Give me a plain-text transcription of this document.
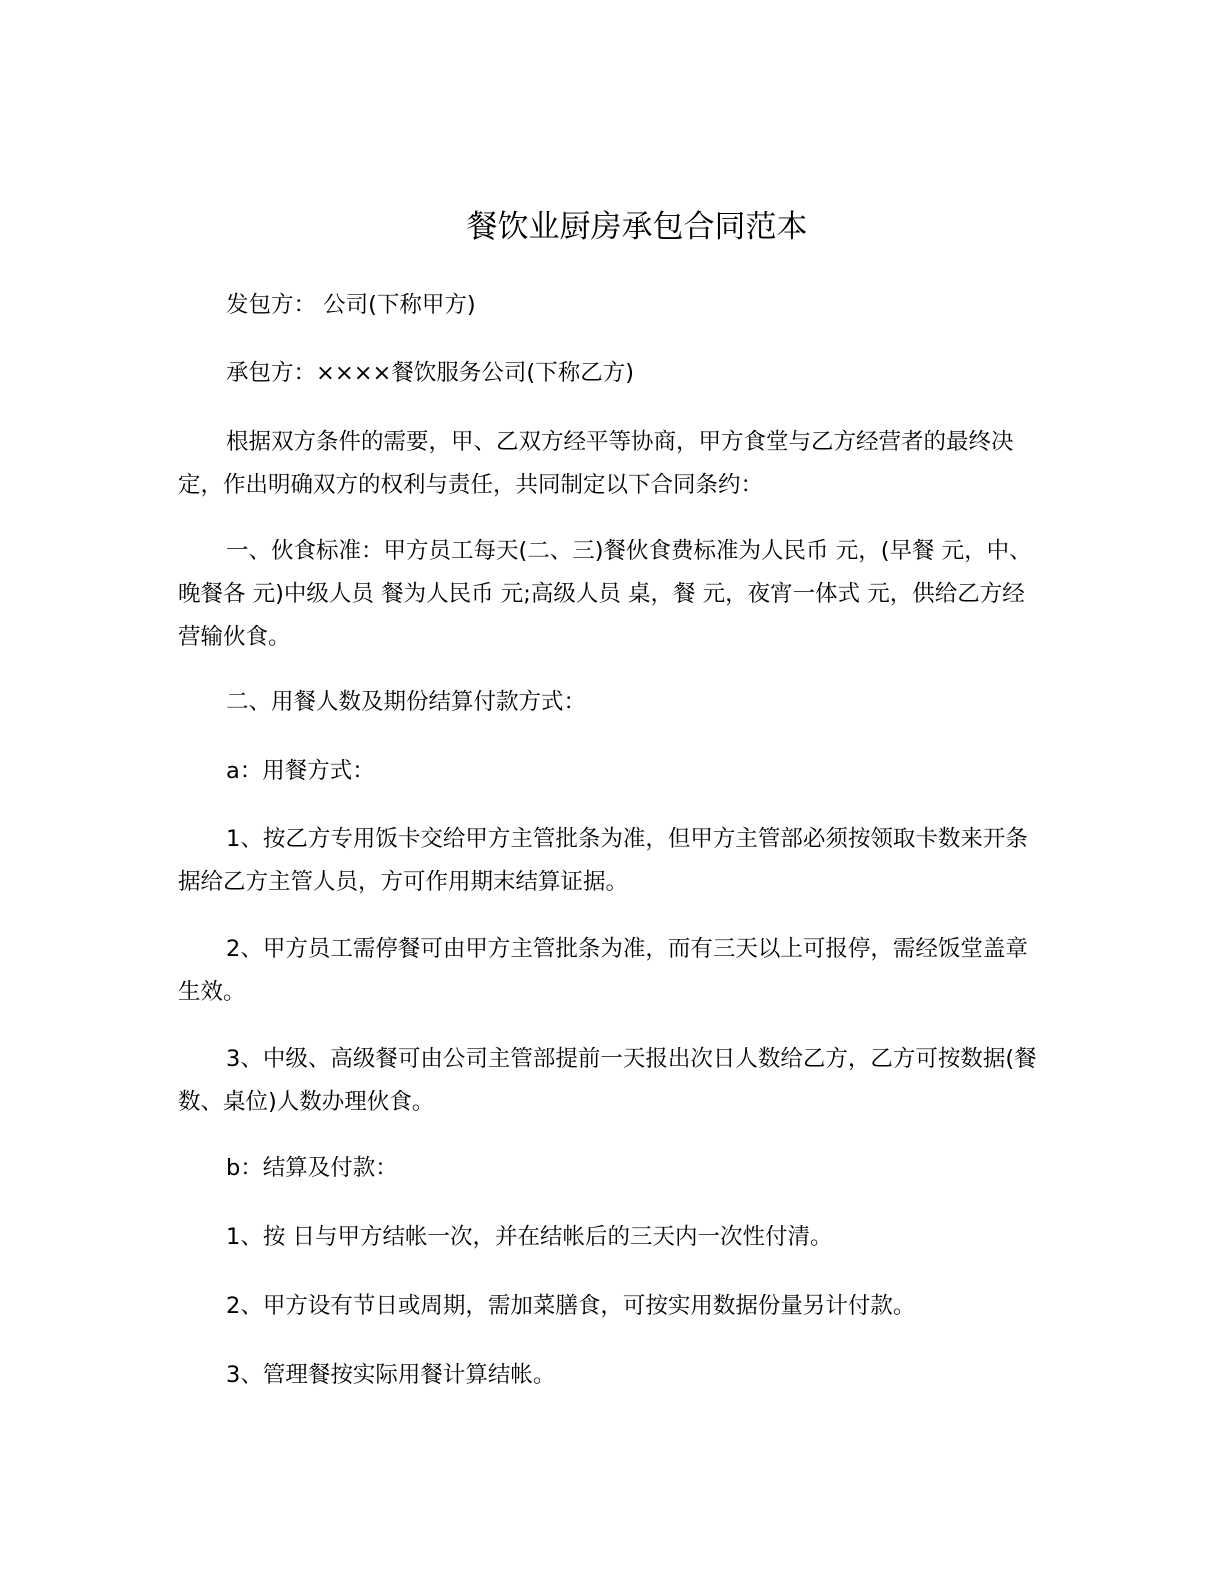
餐饮业厨房承包合同范本

发包方： 公司(下称甲方)

承包方：××××餐饮服务公司(下称乙方)

根据双方条件的需要，甲、乙双方经平等协商，甲方食堂与乙方经营者的最终决定，作出明确双方的权利与责任，共同制定以下合同条约：

一、伙食标准：甲方员工每天(二、三)餐伙食费标准为人民币 元，(早餐 元，中、晚餐各 元)中级人员 餐为人民币 元;高级人员 桌，餐 元，夜宵一体式 元，供给乙方经营输伙食。

二、用餐人数及期份结算付款方式：

a：用餐方式：

1、按乙方专用饭卡交给甲方主管批条为准，但甲方主管部必须按领取卡数来开条据给乙方主管人员，方可作用期末结算证据。

2、甲方员工需停餐可由甲方主管批条为准，而有三天以上可报停，需经饭堂盖章生效。

3、中级、高级餐可由公司主管部提前一天报出次日人数给乙方，乙方可按数据(餐数、桌位)人数办理伙食。

b：结算及付款：

1、按 日与甲方结帐一次，并在结帐后的三天内一次性付清。

2、甲方设有节日或周期，需加菜膳食，可按实用数据份量另计付款。

3、管理餐按实际用餐计算结帐。
